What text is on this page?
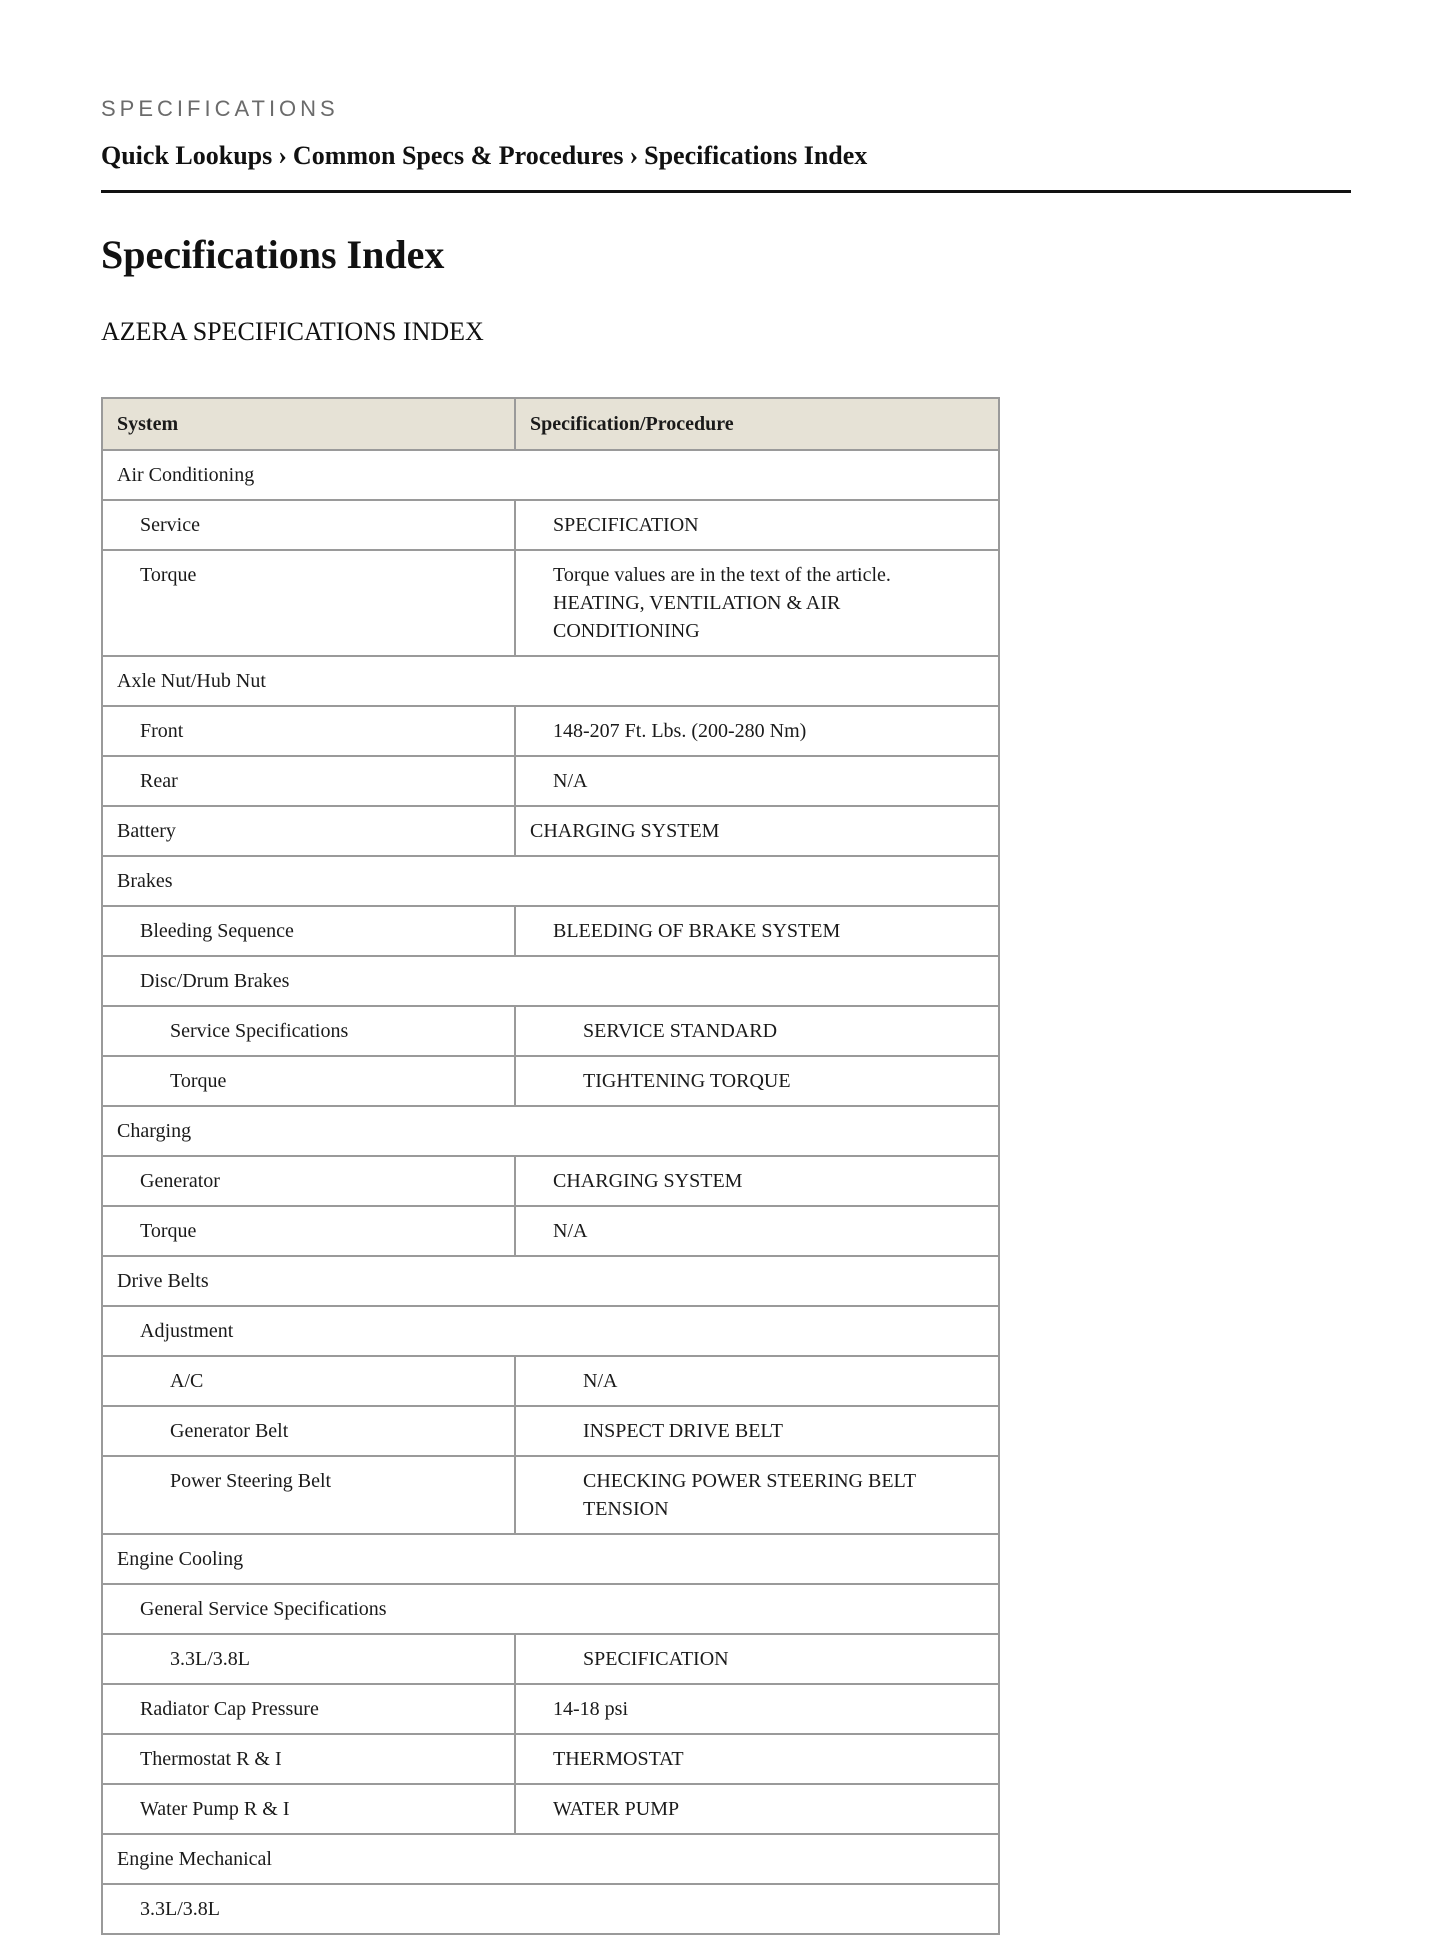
SPECIFICATIONS
Quick Lookups › Common Specs & Procedures › Specifications Index
Specifications Index
AZERA SPECIFICATIONS INDEX
System	Specification/Procedure
Air Conditioning	
Service	SPECIFICATION
Torque	Torque values are in the text of the article. HEATING, VENTILATION & AIR CONDITIONING
Axle Nut/Hub Nut	
Front	148-207 Ft. Lbs. (200-280 Nm)
Rear	N/A
Battery	CHARGING SYSTEM
Brakes	
Bleeding Sequence	BLEEDING OF BRAKE SYSTEM
Disc/Drum Brakes	
Service Specifications	SERVICE STANDARD
Torque	TIGHTENING TORQUE
Charging	
Generator	CHARGING SYSTEM
Torque	N/A
Drive Belts	
Adjustment	
A/C	N/A
Generator Belt	INSPECT DRIVE BELT
Power Steering Belt	CHECKING POWER STEERING BELT TENSION
Engine Cooling	
General Service Specifications	
3.3L/3.8L	SPECIFICATION
Radiator Cap Pressure	14-18 psi
Thermostat R & I	THERMOSTAT
Water Pump R & I	WATER PUMP
Engine Mechanical	
3.3L/3.8L	
